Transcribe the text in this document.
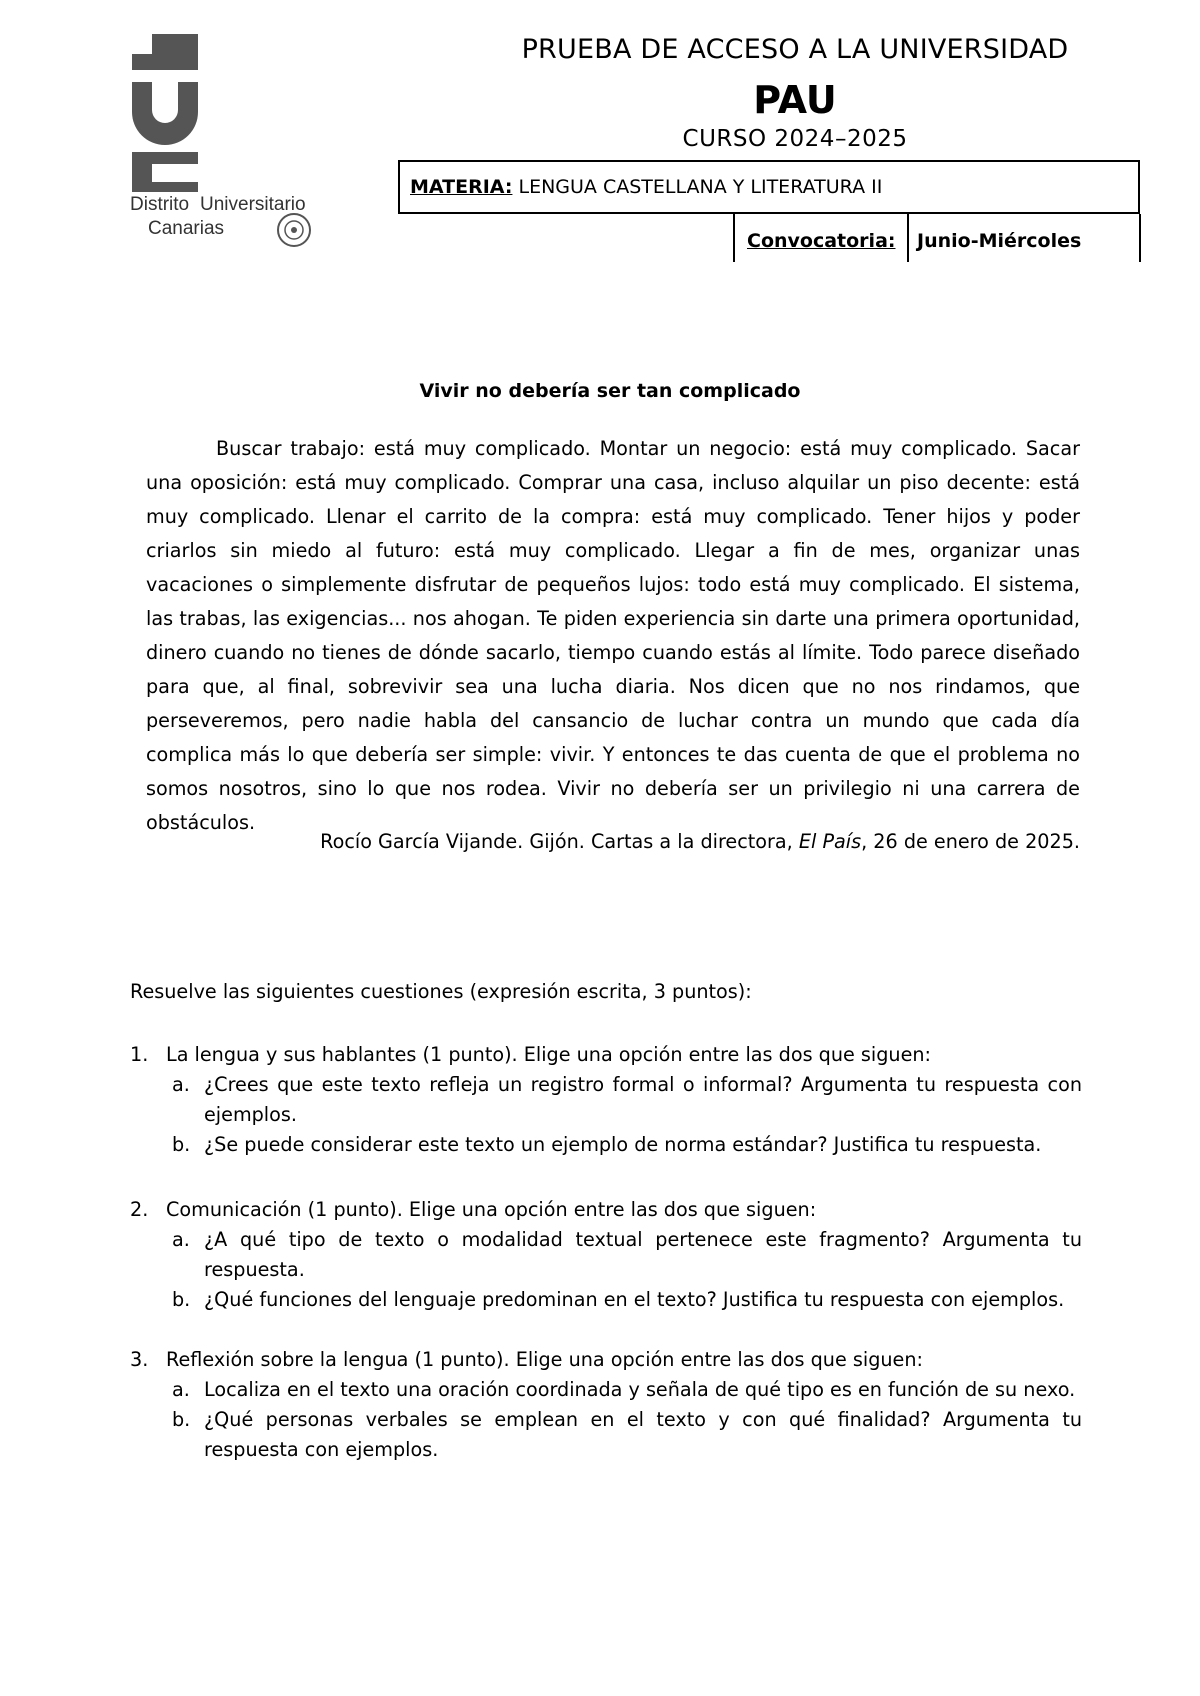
Distrito Universitario
Canarias
PRUEBA DE ACCESO A LA UNIVERSIDAD
PAU
CURSO 2024–2025
MATERIA: LENGUA CASTELLANA Y LITERATURA II
Convocatoria: Junio-Miércoles
Vivir no debería ser tan complicado
Buscar trabajo: está muy complicado. Montar un negocio: está muy complicado. Sacar una oposición: está muy complicado. Comprar una casa, incluso alquilar un piso decente: está muy complicado. Llenar el carrito de la compra: está muy complicado. Tener hijos y poder criarlos sin miedo al futuro: está muy complicado. Llegar a fin de mes, organizar unas vacaciones o simplemente disfrutar de pequeños lujos: todo está muy complicado. El sistema, las trabas, las exigencias... nos ahogan. Te piden experiencia sin darte una primera oportunidad, dinero cuando no tienes de dónde sacarlo, tiempo cuando estás al límite. Todo parece diseñado para que, al final, sobrevivir sea una lucha diaria. Nos dicen que no nos rindamos, que perseveremos, pero nadie habla del cansancio de luchar contra un mundo que cada día complica más lo que debería ser simple: vivir. Y entonces te das cuenta de que el problema no somos nosotros, sino lo que nos rodea. Vivir no debería ser un privilegio ni una carrera de obstáculos.
Rocío García Vijande. Gijón. Cartas a la directora, El País, 26 de enero de 2025.
Resuelve las siguientes cuestiones (expresión escrita, 3 puntos):
1. La lengua y sus hablantes (1 punto). Elige una opción entre las dos que siguen:
a. ¿Crees que este texto refleja un registro formal o informal? Argumenta tu respuesta con ejemplos.
b. ¿Se puede considerar este texto un ejemplo de norma estándar? Justifica tu respuesta.
2. Comunicación (1 punto). Elige una opción entre las dos que siguen:
a. ¿A qué tipo de texto o modalidad textual pertenece este fragmento? Argumenta tu respuesta.
b. ¿Qué funciones del lenguaje predominan en el texto? Justifica tu respuesta con ejemplos.
3. Reflexión sobre la lengua (1 punto). Elige una opción entre las dos que siguen:
a. Localiza en el texto una oración coordinada y señala de qué tipo es en función de su nexo.
b. ¿Qué personas verbales se emplean en el texto y con qué finalidad? Argumenta tu respuesta con ejemplos.
